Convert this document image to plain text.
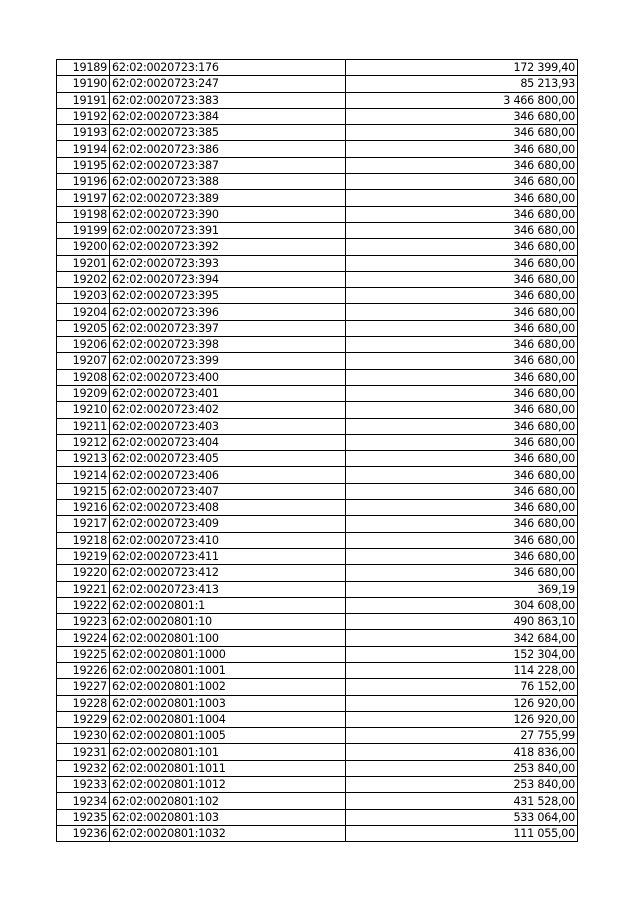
19189	62:02:0020723:176	172 399,40
19190	62:02:0020723:247	85 213,93
19191	62:02:0020723:383	3 466 800,00
19192	62:02:0020723:384	346 680,00
19193	62:02:0020723:385	346 680,00
19194	62:02:0020723:386	346 680,00
19195	62:02:0020723:387	346 680,00
19196	62:02:0020723:388	346 680,00
19197	62:02:0020723:389	346 680,00
19198	62:02:0020723:390	346 680,00
19199	62:02:0020723:391	346 680,00
19200	62:02:0020723:392	346 680,00
19201	62:02:0020723:393	346 680,00
19202	62:02:0020723:394	346 680,00
19203	62:02:0020723:395	346 680,00
19204	62:02:0020723:396	346 680,00
19205	62:02:0020723:397	346 680,00
19206	62:02:0020723:398	346 680,00
19207	62:02:0020723:399	346 680,00
19208	62:02:0020723:400	346 680,00
19209	62:02:0020723:401	346 680,00
19210	62:02:0020723:402	346 680,00
19211	62:02:0020723:403	346 680,00
19212	62:02:0020723:404	346 680,00
19213	62:02:0020723:405	346 680,00
19214	62:02:0020723:406	346 680,00
19215	62:02:0020723:407	346 680,00
19216	62:02:0020723:408	346 680,00
19217	62:02:0020723:409	346 680,00
19218	62:02:0020723:410	346 680,00
19219	62:02:0020723:411	346 680,00
19220	62:02:0020723:412	346 680,00
19221	62:02:0020723:413	369,19
19222	62:02:0020801:1	304 608,00
19223	62:02:0020801:10	490 863,10
19224	62:02:0020801:100	342 684,00
19225	62:02:0020801:1000	152 304,00
19226	62:02:0020801:1001	114 228,00
19227	62:02:0020801:1002	76 152,00
19228	62:02:0020801:1003	126 920,00
19229	62:02:0020801:1004	126 920,00
19230	62:02:0020801:1005	27 755,99
19231	62:02:0020801:101	418 836,00
19232	62:02:0020801:1011	253 840,00
19233	62:02:0020801:1012	253 840,00
19234	62:02:0020801:102	431 528,00
19235	62:02:0020801:103	533 064,00
19236	62:02:0020801:1032	111 055,00
